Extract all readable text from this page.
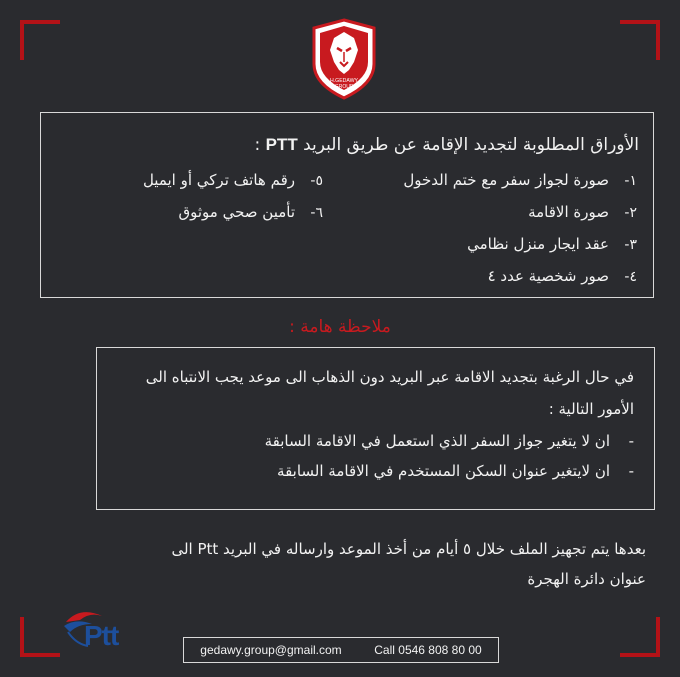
H.GEDAWY
GROUP
الأوراق المطلوبة لتجديد الإقامة عن طريق البريد PTT :
١-صورة لجواز سفر مع ختم الدخول
٢-صورة الاقامة
٣-عقد ايجار منزل نظامي
٤-صور شخصية عدد ٤
٥-رقم هاتف تركي أو ايميل
٦-تأمين صحي موثوق
ملاحظة هامة :
في حال الرغبة بتجديد الاقامة عبر البريد دون الذهاب الى موعد يجب الانتباه الى
الأمور التالية :
-ان لا يتغير جواز السفر الذي استعمل في الاقامة السابقة
-ان لايتغير عنوان السكن المستخدم في الاقامة السابقة
بعدها يتم تجهيز الملف خلال ٥ أيام من أخذ الموعد وارساله في البريد Ptt الى
عنوان دائرة الهجرة
Ptt	gedawy.group@gmail.com	Call 0546 808 80 00
